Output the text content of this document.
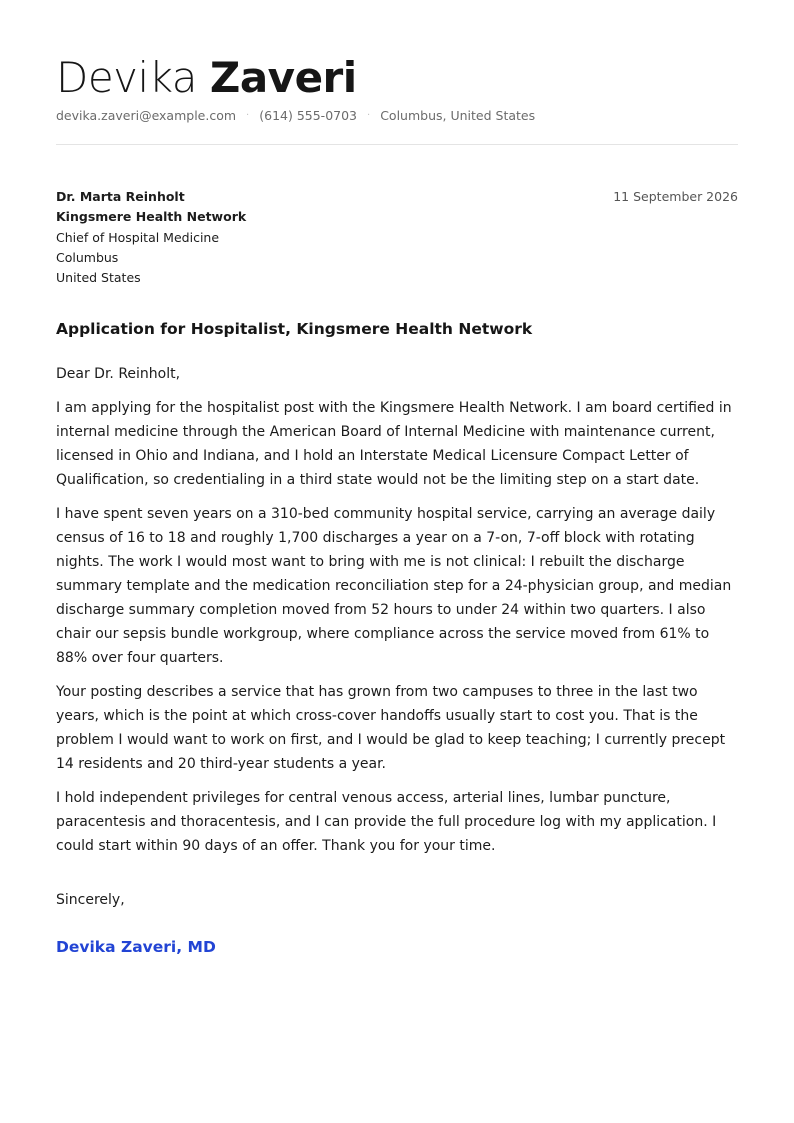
Devika Zaveri
devika.zaveri@example.com · (614) 555-0703 · Columbus, United States
Dr. Marta Reinholt
Kingsmere Health Network
Chief of Hospital Medicine
Columbus
United States
11 September 2026
Application for Hospitalist, Kingsmere Health Network
Dear Dr. Reinholt,

I am applying for the hospitalist post with the Kingsmere Health Network. I am board certified in internal medicine through the American Board of Internal Medicine with maintenance current, licensed in Ohio and Indiana, and I hold an Interstate Medical Licensure Compact Letter of Qualification, so credentialing in a third state would not be the limiting step on a start date.

I have spent seven years on a 310-bed community hospital service, carrying an average daily census of 16 to 18 and roughly 1,700 discharges a year on a 7-on, 7-off block with rotating nights. The work I would most want to bring with me is not clinical: I rebuilt the discharge summary template and the medication reconciliation step for a 24-physician group, and median discharge summary completion moved from 52 hours to under 24 within two quarters. I also chair our sepsis bundle workgroup, where compliance across the service moved from 61% to 88% over four quarters.

Your posting describes a service that has grown from two campuses to three in the last two years, which is the point at which cross-cover handoffs usually start to cost you. That is the problem I would want to work on first, and I would be glad to keep teaching; I currently precept 14 residents and 20 third-year students a year.

I hold independent privileges for central venous access, arterial lines, lumbar puncture, paracentesis and thoracentesis, and I can provide the full procedure log with my application. I could start within 90 days of an offer. Thank you for your time.

Sincerely,
Devika Zaveri, MD
